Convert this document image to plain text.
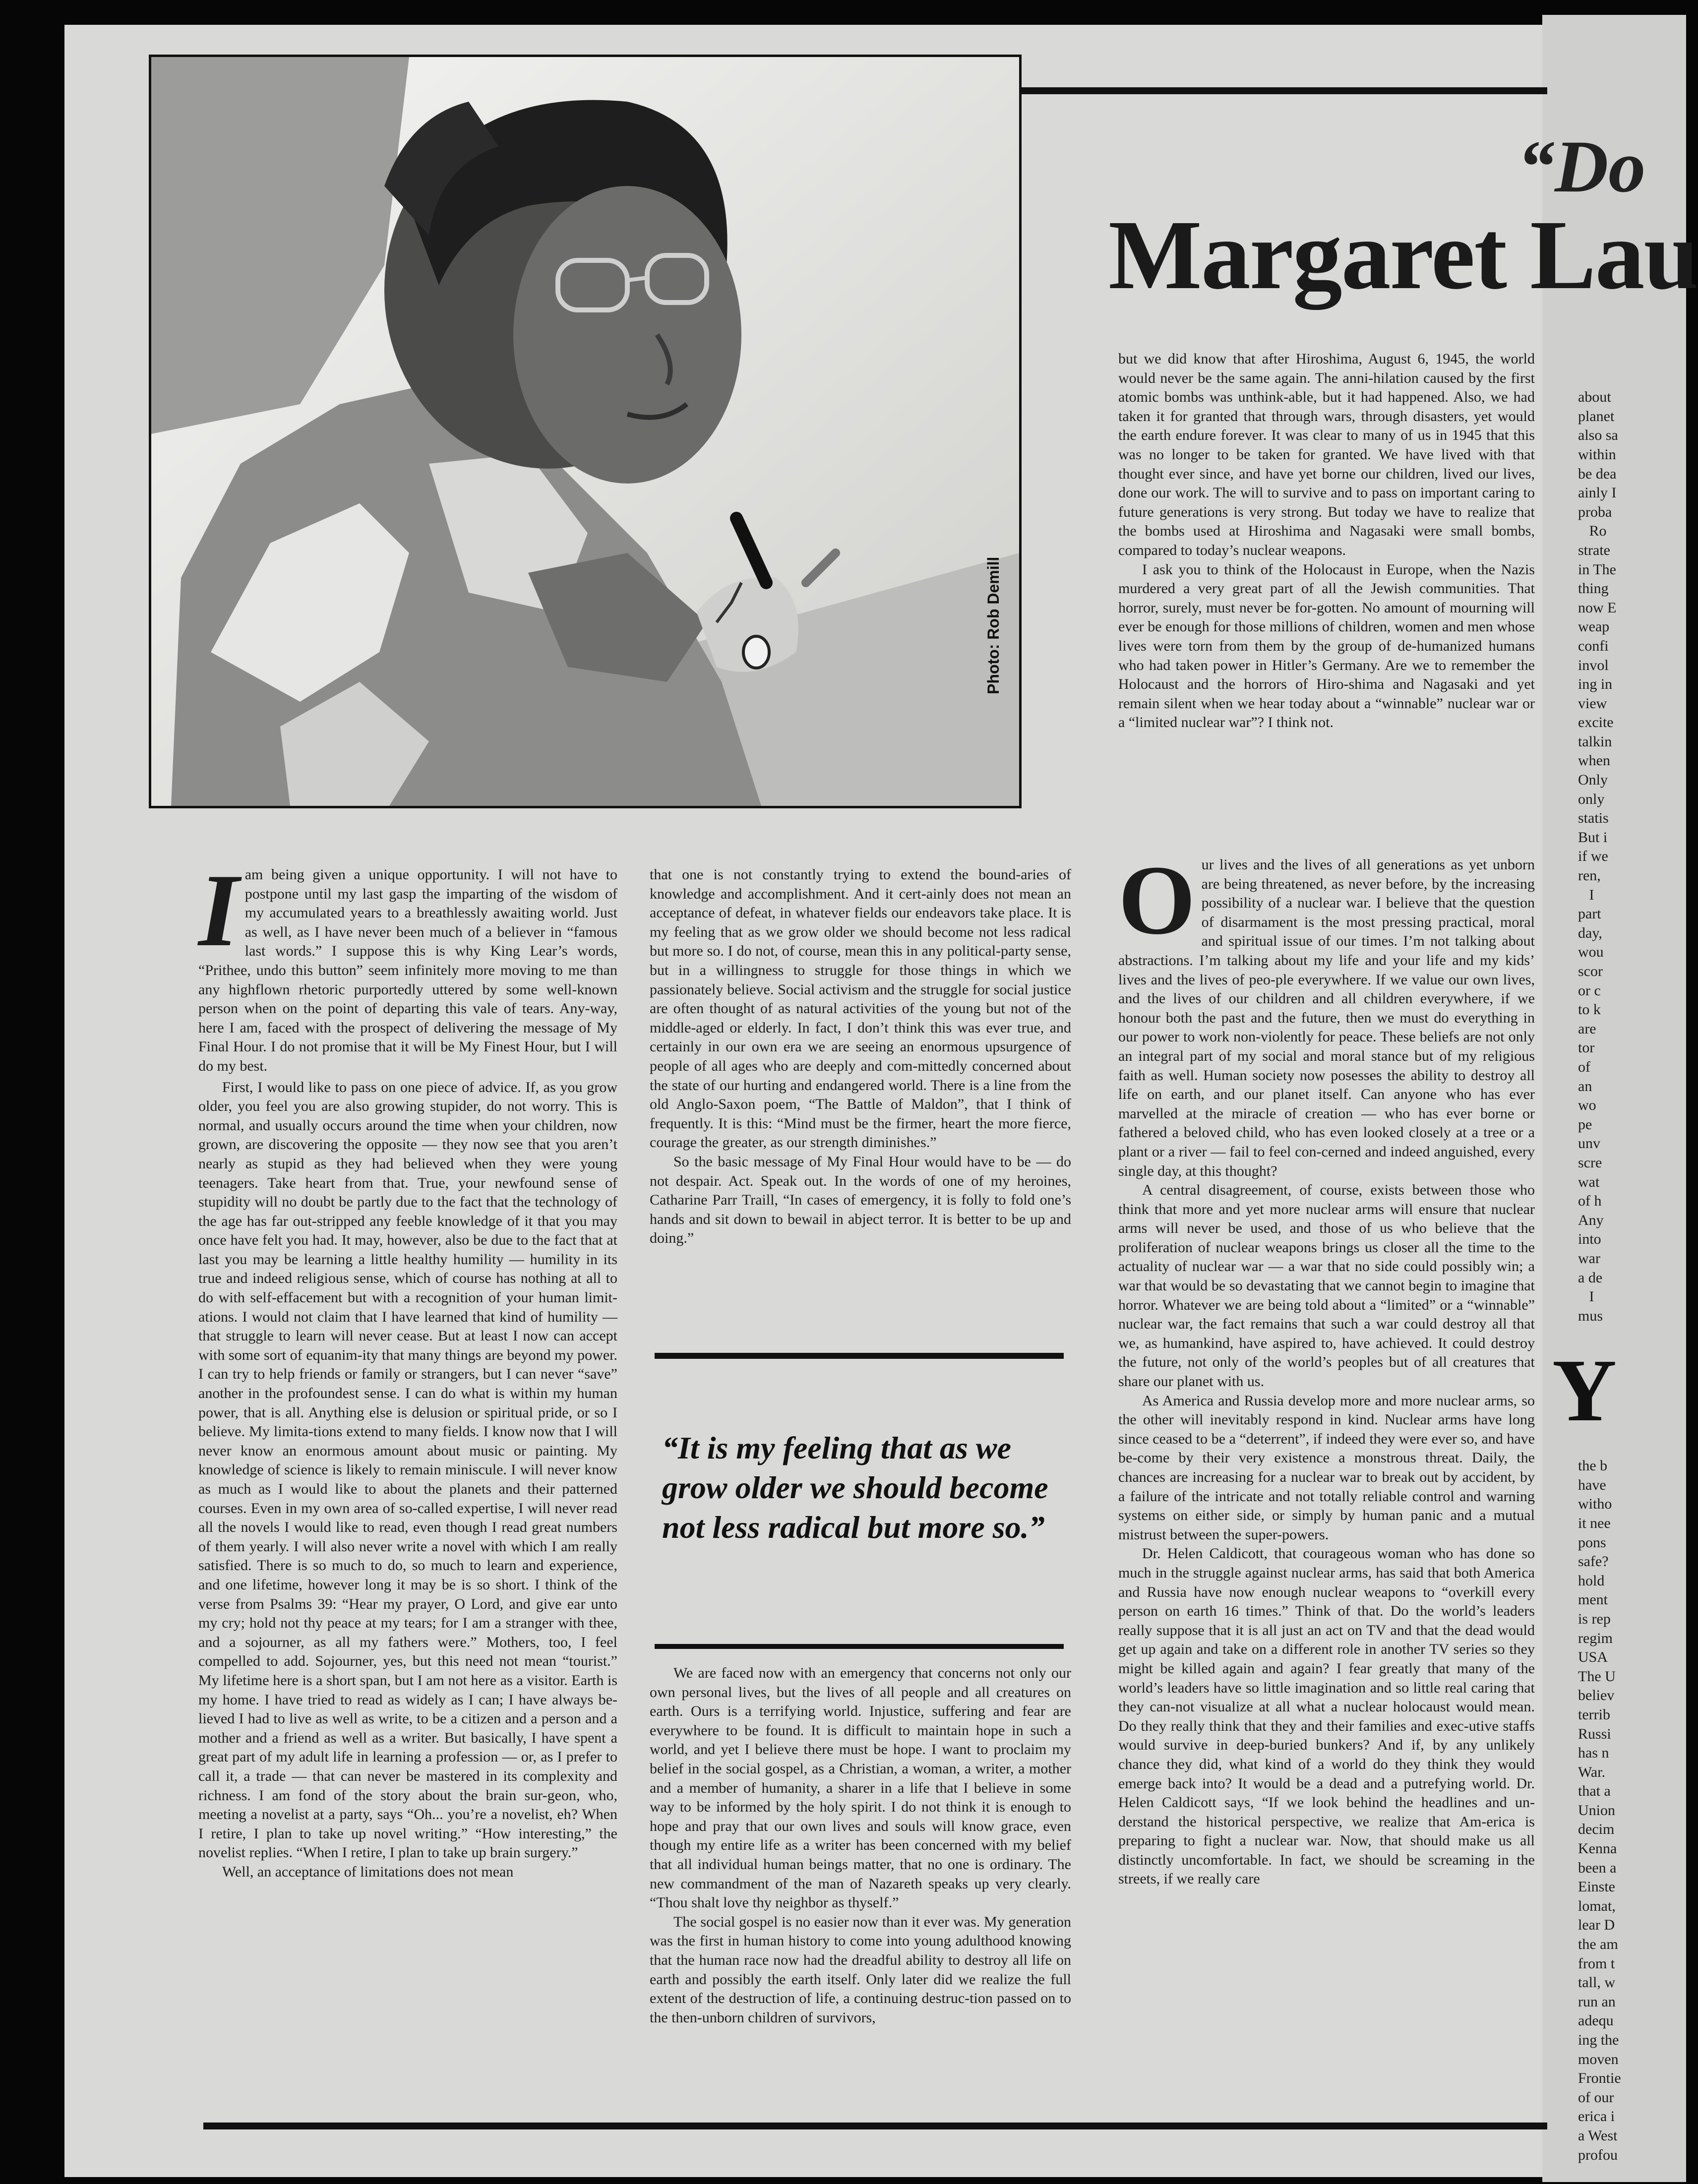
Photo: Rob Demill
“Do
Margaret Lau

Iam being given a unique opportunity. I will not have to postpone until my last gasp the imparting of the wisdom of my accumulated years to a breathlessly awaiting world. Just as well, as I have never been much of a believer in “famous last words.” I suppose this is why King Lear’s words, “Prithee, undo this button” seem infinitely more moving to me than any highflown rhetoric purportedly uttered by some well-known person when on the point of departing this vale of tears. Any-way, here I am, faced with the prospect of delivering the message of My Final Hour. I do not promise that it will be My Finest Hour, but I will do my best.

First, I would like to pass on one piece of advice. If, as you grow older, you feel you are also growing stupider, do not worry. This is normal, and usually occurs around the time when your children, now grown, are discovering the opposite — they now see that you aren’t nearly as stupid as they had believed when they were young teenagers. Take heart from that. True, your newfound sense of stupidity will no doubt be partly due to the fact that the technology of the age has far out-stripped any feeble knowledge of it that you may once have felt you had. It may, however, also be due to the fact that at last you may be learning a little healthy humility — humility in its true and indeed religious sense, which of course has nothing at all to do with self-effacement but with a recognition of your human limit-ations. I would not claim that I have learned that kind of humility — that struggle to learn will never cease. But at least I now can accept with some sort of equanim-ity that many things are beyond my power. I can try to help friends or family or strangers, but I can never “save” another in the profoundest sense. I can do what is within my human power, that is all. Anything else is delusion or spiritual pride, or so I believe. My limita-tions extend to many fields. I know now that I will never know an enormous amount about music or painting. My knowledge of science is likely to remain miniscule. I will never know as much as I would like to about the planets and their patterned courses. Even in my own area of so-called expertise, I will never read all the novels I would like to read, even though I read great numbers of them yearly. I will also never write a novel with which I am really satisfied. There is so much to do, so much to learn and experience, and one lifetime, however long it may be is so short. I think of the verse from Psalms 39: “Hear my prayer, O Lord, and give ear unto my cry; hold not thy peace at my tears; for I am a stranger with thee, and a sojourner, as all my fathers were.” Mothers, too, I feel compelled to add. Sojourner, yes, but this need not mean “tourist.” My lifetime here is a short span, but I am not here as a visitor. Earth is my home. I have tried to read as widely as I can; I have always be-lieved I had to live as well as write, to be a citizen and a person and a mother and a friend as well as a writer. But basically, I have spent a great part of my adult life in learning a profession — or, as I prefer to call it, a trade — that can never be mastered in its complexity and richness. I am fond of the story about the brain sur-geon, who, meeting a novelist at a party, says “Oh... you’re a novelist, eh? When I retire, I plan to take up novel writing.” “How interesting,” the novelist replies. “When I retire, I plan to take up brain surgery.”

Well, an acceptance of limitations does not mean

that one is not constantly trying to extend the bound-aries of knowledge and accomplishment. And it cert-ainly does not mean an acceptance of defeat, in whatever fields our endeavors take place. It is my feeling that as we grow older we should become not less radical but more so. I do not, of course, mean this in any political-party sense, but in a willingness to struggle for those things in which we passionately believe. Social activism and the struggle for social justice are often thought of as natural activities of the young but not of the middle-aged or elderly. In fact, I don’t think this was ever true, and certainly in our own era we are seeing an enormous upsurgence of people of all ages who are deeply and com-mittedly concerned about the state of our hurting and endangered world. There is a line from the old Anglo-Saxon poem, “The Battle of Maldon”, that I think of frequently. It is this: “Mind must be the firmer, heart the more fierce, courage the greater, as our strength diminishes.”

So the basic message of My Final Hour would have to be — do not despair. Act. Speak out. In the words of one of my heroines, Catharine Parr Traill, “In cases of emergency, it is folly to fold one’s hands and sit down to bewail in abject terror. It is better to be up and doing.”

“It is my feeling that as we grow older we should become not less radical but more so.”

We are faced now with an emergency that concerns not only our own personal lives, but the lives of all people and all creatures on earth. Ours is a terrifying world. Injustice, suffering and fear are everywhere to be found. It is difficult to maintain hope in such a world, and yet I believe there must be hope. I want to proclaim my belief in the social gospel, as a Christian, a woman, a writer, a mother and a member of humanity, a sharer in a life that I believe in some way to be informed by the holy spirit. I do not think it is enough to hope and pray that our own lives and souls will know grace, even though my entire life as a writer has been concerned with my belief that all individual human beings matter, that no one is ordinary. The new commandment of the man of Nazareth speaks up very clearly. “Thou shalt love thy neighbor as thyself.”

The social gospel is no easier now than it ever was. My generation was the first in human history to come into young adulthood knowing that the human race now had the dreadful ability to destroy all life on earth and possibly the earth itself. Only later did we realize the full extent of the destruction of life, a continuing destruc-tion passed on to the then-unborn children of survivors,

but we did know that after Hiroshima, August 6, 1945, the world would never be the same again. The anni-hilation caused by the first atomic bombs was unthink-able, but it had happened. Also, we had taken it for granted that through wars, through disasters, yet would the earth endure forever. It was clear to many of us in 1945 that this was no longer to be taken for granted. We have lived with that thought ever since, and have yet borne our children, lived our lives, done our work. The will to survive and to pass on important caring to future generations is very strong. But today we have to realize that the bombs used at Hiroshima and Nagasaki were small bombs, compared to today’s nuclear weapons.

I ask you to think of the Holocaust in Europe, when the Nazis murdered a very great part of all the Jewish communities. That horror, surely, must never be for-gotten. No amount of mourning will ever be enough for those millions of children, women and men whose lives were torn from them by the group of de-humanized humans who had taken power in Hitler’s Germany. Are we to remember the Holocaust and the horrors of Hiro-shima and Nagasaki and yet remain silent when we hear today about a “winnable” nuclear war or a “limited nuclear war”? I think not.

Our lives and the lives of all generations as yet unborn are being threatened, as never before, by the increasing possibility of a nuclear war. I believe that the question of disarmament is the most pressing practical, moral and spiritual issue of our times. I’m not talking about abstractions. I’m talking about my life and your life and my kids’ lives and the lives of peo-ple everywhere. If we value our own lives, and the lives of our children and all children everywhere, if we honour both the past and the future, then we must do everything in our power to work non-violently for peace. These beliefs are not only an integral part of my social and moral stance but of my religious faith as well. Human society now posesses the ability to destroy all life on earth, and our planet itself. Can anyone who has ever marvelled at the miracle of creation — who has ever borne or fathered a beloved child, who has even looked closely at a tree or a plant or a river — fail to feel con-cerned and indeed anguished, every single day, at this thought?

A central disagreement, of course, exists between those who think that more and yet more nuclear arms will ensure that nuclear arms will never be used, and those of us who believe that the proliferation of nuclear weapons brings us closer all the time to the actuality of nuclear war — a war that no side could possibly win; a war that would be so devastating that we cannot begin to imagine that horror. Whatever we are being told about a “limited” or a “winnable” nuclear war, the fact remains that such a war could destroy all that we, as humankind, have aspired to, have achieved. It could destroy the future, not only of the world’s peoples but of all creatures that share our planet with us.

As America and Russia develop more and more nuclear arms, so the other will inevitably respond in kind. Nuclear arms have long since ceased to be a “deterrent”, if indeed they were ever so, and have be-come by their very existence a monstrous threat. Daily, the chances are increasing for a nuclear war to break out by accident, by a failure of the intricate and not totally reliable control and warning systems on either side, or simply by human panic and a mutual mistrust between the super-powers.

Dr. Helen Caldicott, that courageous woman who has done so much in the struggle against nuclear arms, has said that both America and Russia have now enough nuclear weapons to “overkill every person on earth 16 times.” Think of that. Do the world’s leaders really suppose that it is all just an act on TV and that the dead would get up again and take on a different role in another TV series so they might be killed again and again? I fear greatly that many of the world’s leaders have so little imagination and so little real caring that they can-not visualize at all what a nuclear holocaust would mean. Do they really think that they and their families and exec-utive staffs would survive in deep-buried bunkers? And if, by any unlikely chance they did, what kind of a world do they think they would emerge back into? It would be a dead and a putrefying world. Dr. Helen Caldicott says, “If we look behind the headlines and un-derstand the historical perspective, we realize that Am-erica is preparing to fight a nuclear war. Now, that should make us all distinctly uncomfortable. In fact, we should be screaming in the streets, if we really care

about
planet
also sa
within
be dea
ainly I
proba
Ro
strate
in The
thing
now E
weap
confi
invol
ing in
view
excite
talkin
when
Only
only
statis
But i
if we
ren,
I
part
day,
wou
scor
or c
to k
are
tor
of
an
wo
pe
unv
scre
wat
of h
Any
into
war
a de
I
mus

Y

the b
have
witho
it nee
pons
safe?
hold
ment
is rep
regim
USA
The U
believ
terrib
Russi
has n
War.
that a
Union
decim
Kenna
been a
Einste
lomat,
lear D
the am
from t
tall, w
run an
adequ
ing the
moven
Frontie
of our
erica i
a West
profou
